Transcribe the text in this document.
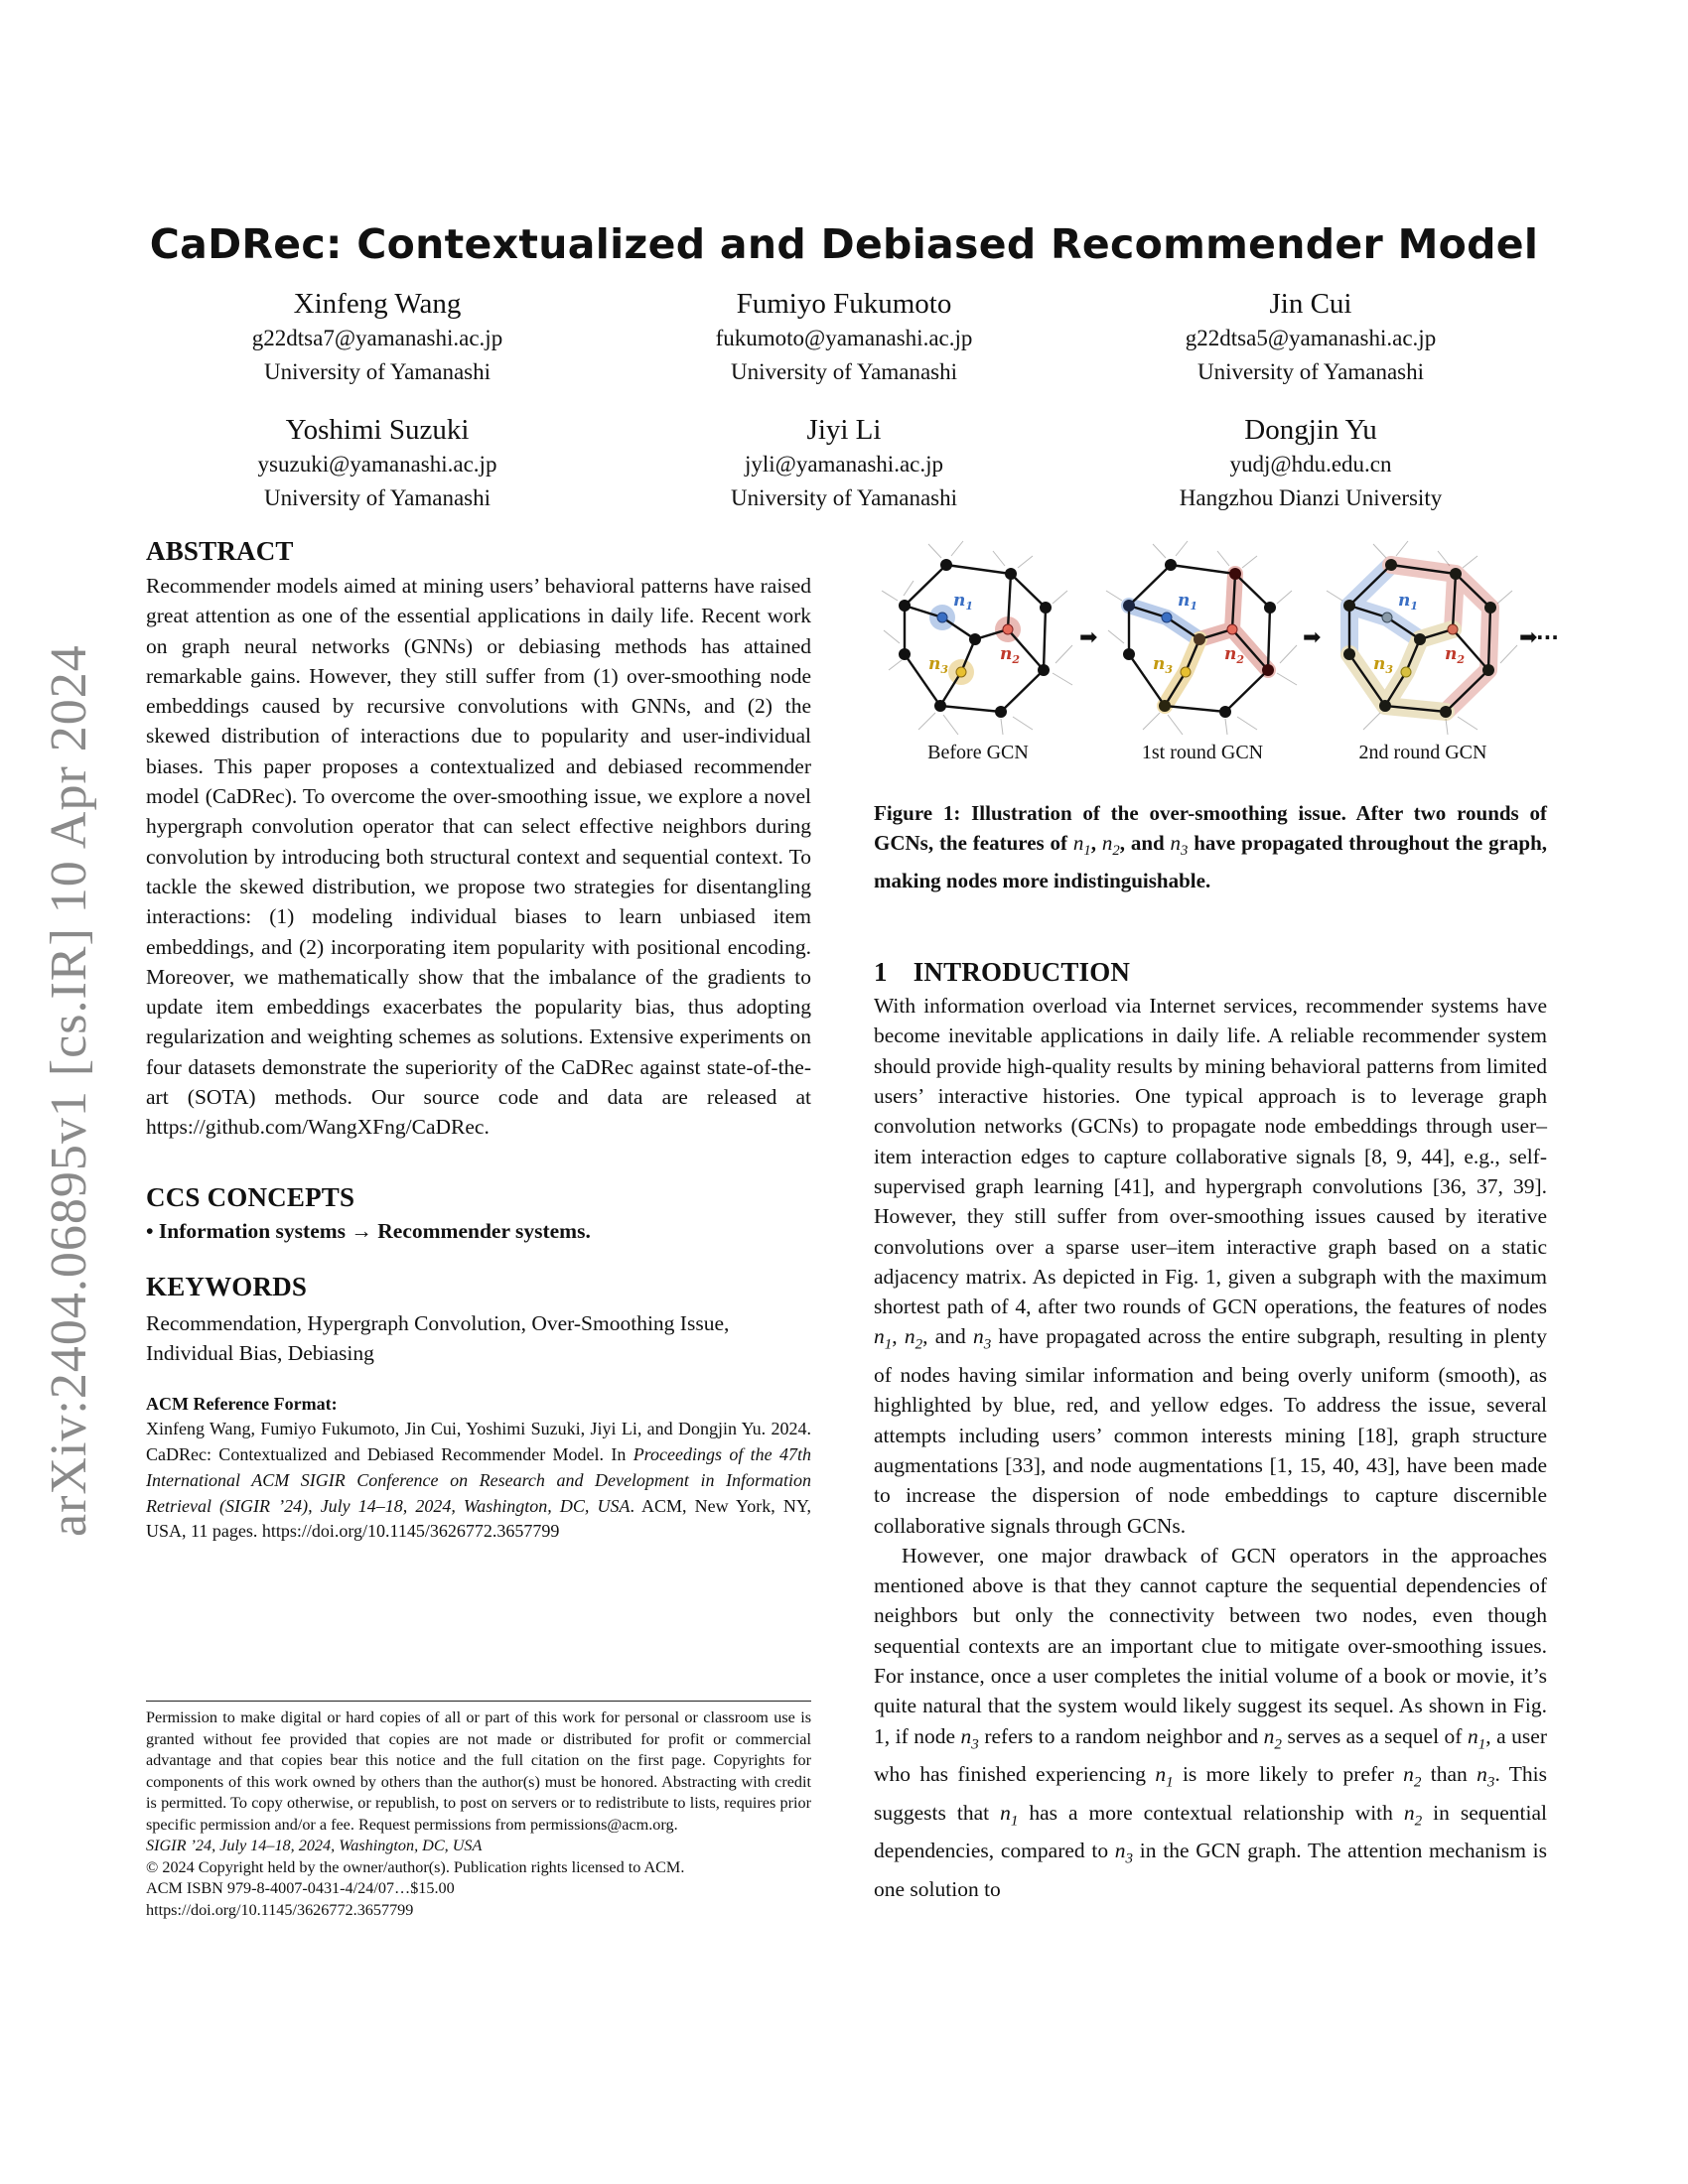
arXiv:2404.06895v1 [cs.IR] 10 Apr 2024
CaDRec: Contextualized and Debiased Recommender Model
Xinfeng Wang
g22dtsa7@yamanashi.ac.jp
University of Yamanashi
Fumiyo Fukumoto
fukumoto@yamanashi.ac.jp
University of Yamanashi
Jin Cui
g22dtsa5@yamanashi.ac.jp
University of Yamanashi
Yoshimi Suzuki
ysuzuki@yamanashi.ac.jp
University of Yamanashi
Jiyi Li
jyli@yamanashi.ac.jp
University of Yamanashi
Dongjin Yu
yudj@hdu.edu.cn
Hangzhou Dianzi University
ABSTRACT

Recommender models aimed at mining users’ behavioral patterns have raised great attention as one of the essential applications in daily life. Recent work on graph neural networks (GNNs) or debiasing methods has attained remarkable gains. However, they still suffer from (1) over-smoothing node embeddings caused by recursive convolutions with GNNs, and (2) the skewed distribution of interactions due to popularity and user-individual biases. This paper proposes a contextualized and debiased recommender model (CaDRec). To overcome the over-smoothing issue, we explore a novel hypergraph convolution operator that can select effective neighbors during convolution by introducing both structural context and sequential context. To tackle the skewed distribution, we propose two strategies for disentangling interactions: (1) modeling individual biases to learn unbiased item embeddings, and (2) incorporating item popularity with positional encoding. Moreover, we mathematically show that the imbalance of the gradients to update item embeddings exacerbates the popularity bias, thus adopting regularization and weighting schemes as solutions. Extensive experiments on four datasets demonstrate the superiority of the CaDRec against state-of-the-art (SOTA) methods. Our source code and data are released at https://github.com/WangXFng/CaDRec.

CCS CONCEPTS
• Information systems → Recommender systems.
KEYWORDS

Recommendation, Hypergraph Convolution, Over-Smoothing Issue, Individual Bias, Debiasing

ACM Reference Format:

Xinfeng Wang, Fumiyo Fukumoto, Jin Cui, Yoshimi Suzuki, Jiyi Li, and Dongjin Yu. 2024. CaDRec: Contextualized and Debiased Recommender Model. In Proceedings of the 47th International ACM SIGIR Conference on Research and Development in Information Retrieval (SIGIR ’24), July 14–18, 2024, Washington, DC, USA. ACM, New York, NY, USA, 11 pages. https://doi.org/10.1145/3626772.3657799

Permission to make digital or hard copies of all or part of this work for personal or classroom use is granted without fee provided that copies are not made or distributed for profit or commercial advantage and that copies bear this notice and the full citation on the first page. Copyrights for components of this work owned by others than the author(s) must be honored. Abstracting with credit is permitted. To copy otherwise, or republish, to post on servers or to redistribute to lists, requires prior specific permission and/or a fee. Request permissions from permissions@acm.org.

SIGIR ’24, July 14–18, 2024, Washington, DC, USA

© 2024 Copyright held by the owner/author(s). Publication rights licensed to ACM.

ACM ISBN 979-8-4007-0431-4/24/07…$15.00

https://doi.org/10.1145/3626772.3657799

$n_1$
$n_2$
$n_3$
Before GCN
➡
$n_1$
$n_2$
$n_3$
1st round GCN
➡
$n_1$
$n_2$
$n_3$
2nd round GCN
➡
···

Figure 1: Illustration of the over-smoothing issue. After two rounds of GCNs, the features of $n_1$, $n_2$, and $n_3$ have propagated throughout the graph, making nodes more indistinguishable.

1 INTRODUCTION

With information overload via Internet services, recommender systems have become inevitable applications in daily life. A reliable recommender system should provide high-quality results by mining behavioral patterns from limited users’ interactive histories. One typical approach is to leverage graph convolution networks (GCNs) to propagate node embeddings through user–item interaction edges to capture collaborative signals [8, 9, 44], e.g., self-supervised graph learning [41], and hypergraph convolutions [36, 37, 39]. However, they still suffer from over-smoothing issues caused by iterative convolutions over a sparse user–item interactive graph based on a static adjacency matrix. As depicted in Fig. 1, given a subgraph with the maximum shortest path of 4, after two rounds of GCN operations, the features of nodes $n_1$, $n_2$, and $n_3$ have propagated across the entire subgraph, resulting in plenty of nodes having similar information and being overly uniform (smooth), as highlighted by blue, red, and yellow edges. To address the issue, several attempts including users’ common interests mining [18], graph structure augmentations [33], and node augmentations [1, 15, 40, 43], have been made to increase the dispersion of node embeddings to capture discernible collaborative signals through GCNs.

However, one major drawback of GCN operators in the approaches mentioned above is that they cannot capture the sequential dependencies of neighbors but only the connectivity between two nodes, even though sequential contexts are an important clue to mitigate over-smoothing issues. For instance, once a user completes the initial volume of a book or movie, it’s quite natural that the system would likely suggest its sequel. As shown in Fig. 1, if node $n_3$ refers to a random neighbor and $n_2$ serves as a sequel of $n_1$, a user who has finished experiencing $n_1$ is more likely to prefer $n_2$ than $n_3$. This suggests that $n_1$ has a more contextual relationship with $n_2$ in sequential dependencies, compared to $n_3$ in the GCN graph. The attention mechanism is one solution to
